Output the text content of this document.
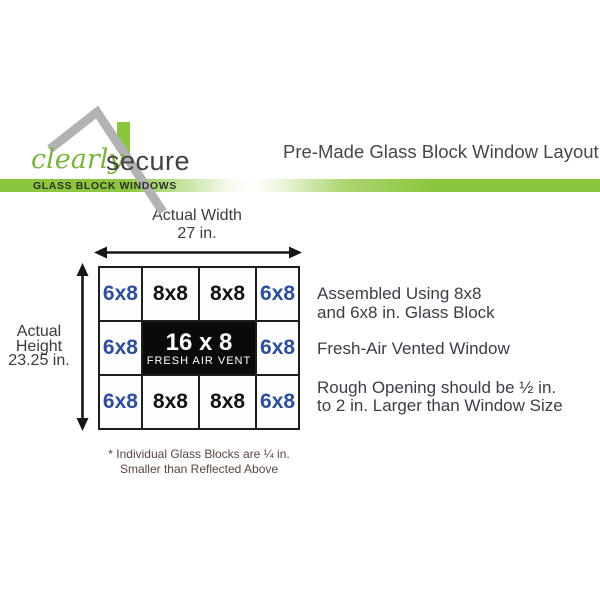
clearly
secure
GLASS BLOCK WINDOWS
Pre-Made Glass Block Window Layout
Actual Width
27 in.
Actual
Height
23.25 in.
6x8 8x8	8x8 6x8
6x8 16 x 8
FRESH AIR VENT
6x8
6x8 8x8	8x8 6x8

Assembled Using 8x8

and 6x8 in. Glass Block

Fresh-Air Vented Window

Rough Opening should be ½ in.

to 2 in. Larger than Window Size

* Individual Glass Blocks are ¼ in.
Smaller than Reflected Above
